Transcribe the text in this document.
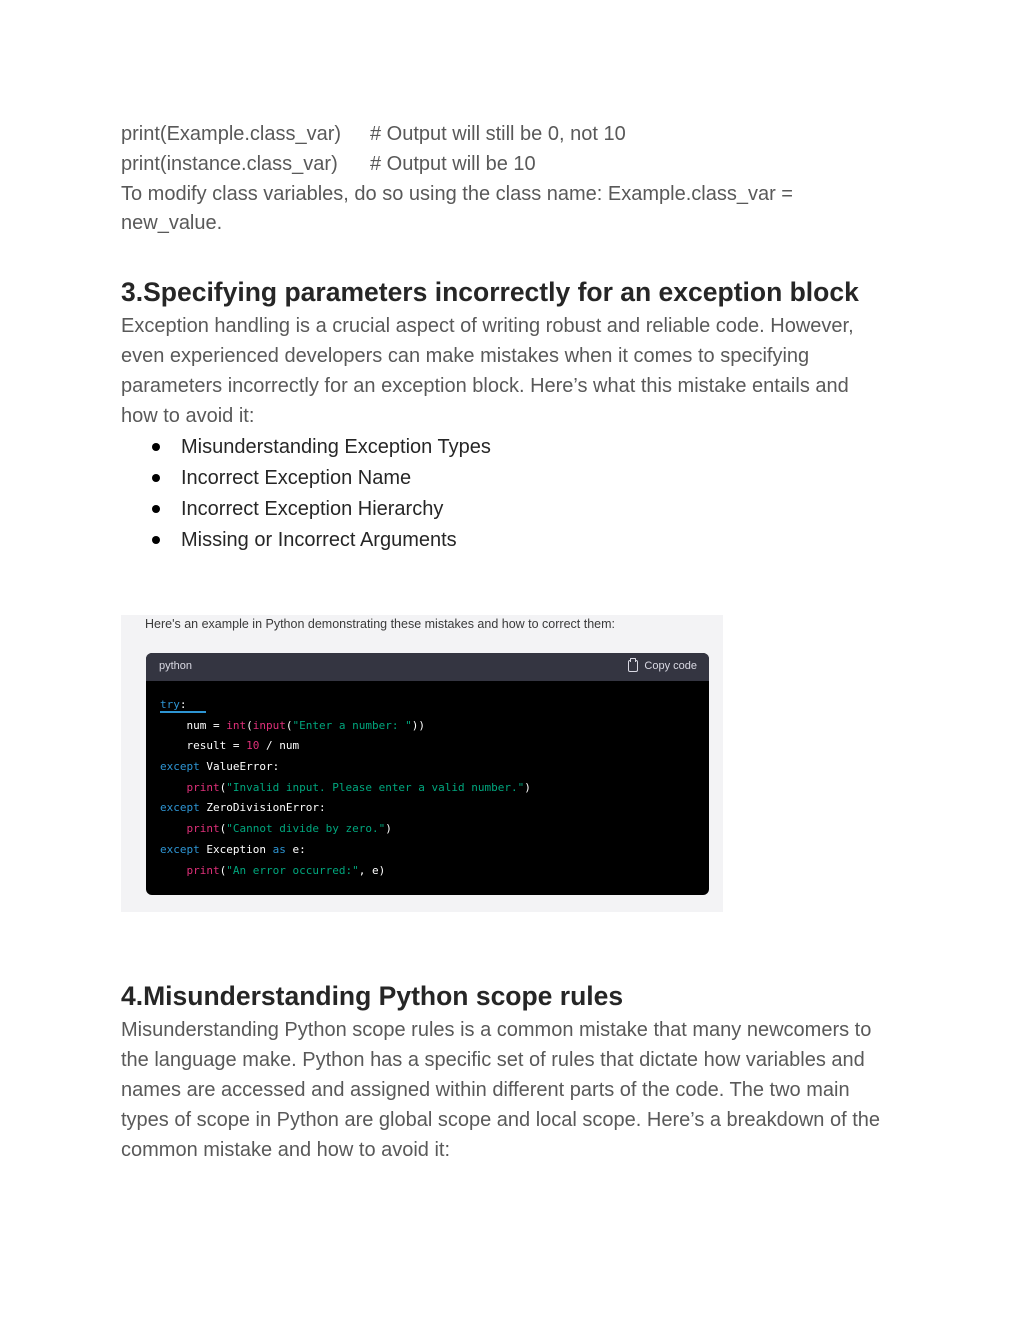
print(Example.class_var) # Output will still be 0, not 10
print(instance.class_var) # Output will be 10
To modify class variables, do so using the class name: Example.class_var =
new_value.
3.Specifying parameters incorrectly for an exception block
Exception handling is a crucial aspect of writing robust and reliable code. However,
even experienced developers can make mistakes when it comes to specifying
parameters incorrectly for an exception block. Here’s what this mistake entails and
how to avoid it:
Misunderstanding Exception Types
Incorrect Exception Name
Incorrect Exception Hierarchy
Missing or Incorrect Arguments
Here's an example in Python demonstrating these mistakes and how to correct them:
python	Copy code
try:
num = int(input("Enter a number: "))
result = 10 / num
except ValueError:
print("Invalid input. Please enter a valid number.")
except ZeroDivisionError:
print("Cannot divide by zero.")
except Exception as e:
print("An error occurred:", e)
4.Misunderstanding Python scope rules
Misunderstanding Python scope rules is a common mistake that many newcomers to
the language make. Python has a specific set of rules that dictate how variables and
names are accessed and assigned within different parts of the code. The two main
types of scope in Python are global scope and local scope. Here’s a breakdown of the
common mistake and how to avoid it:
